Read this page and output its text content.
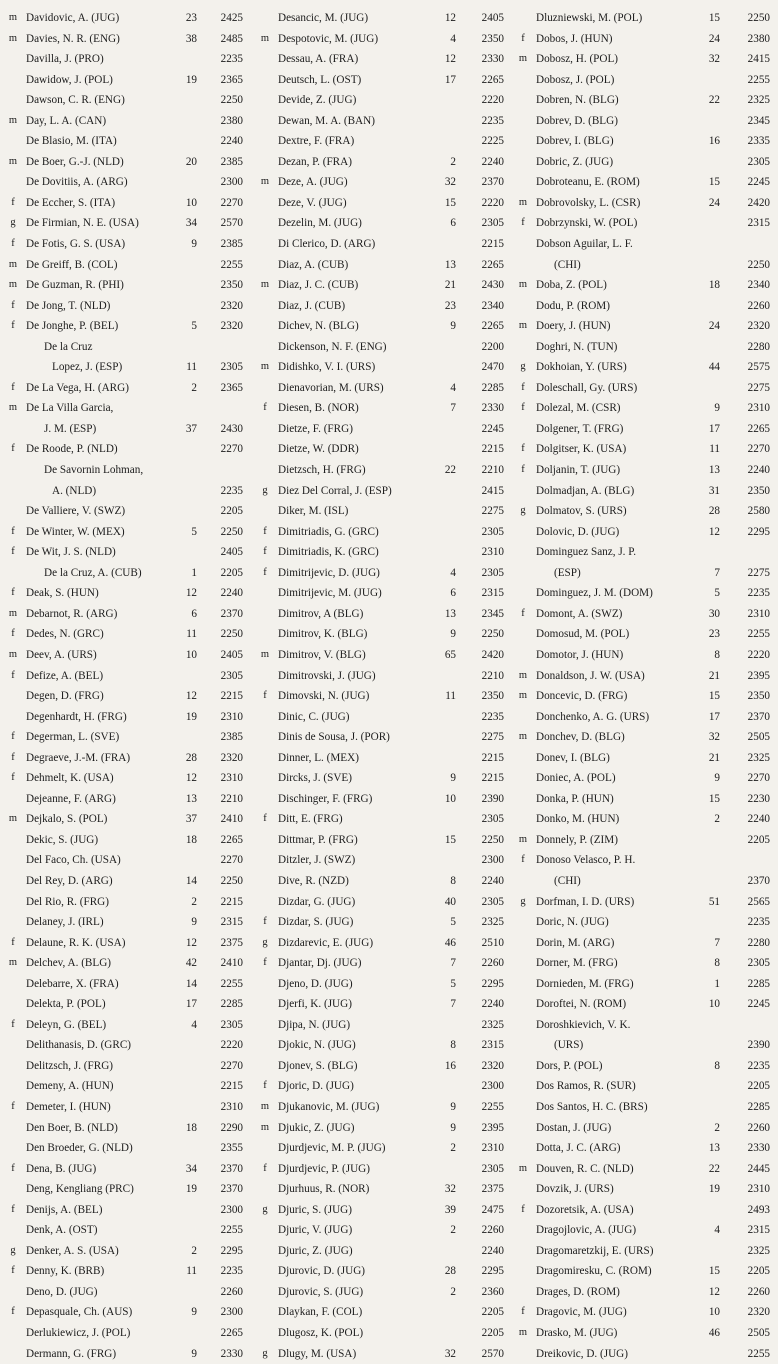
m Davidovic, A. (JUG)	23	2425
m Davies, N. R. (ENG)	38	2485
Davilla, J. (PRO)	2235
Dawidow, J. (POL)	19	2365
Dawson, C. R. (ENG)	2250
m Day, L. A. (CAN)	2380
De Blasio, M. (ITA)	2240
m De Boer, G.-J. (NLD)	20	2385
De Dovitiis, A. (ARG)	2300
f	De Eccher, S. (ITA)	10	2270
g De Firmian, N. E. (USA)	34	2570
f	De Fotis, G. S. (USA)	9	2385
m De Greiff, B. (COL)	2255
m De Guzman, R. (PHI)	2350
f	De Jong, T. (NLD)	2320
f	De Jonghe, P. (BEL)	5	2320
De la Cruz
Lopez, J. (ESP)	11	2305
f	De La Vega, H. (ARG)	2	2365
m De La Villa Garcia,
J. M. (ESP)	37	2430
f	De Roode, P. (NLD)	2270
De Savornin Lohman,
A. (NLD)	2235
De Valliere, V. (SWZ)	2205
f	De Winter, W. (MEX)	5	2250
f	De Wit, J. S. (NLD)	2405
De la Cruz, A. (CUB)	1	2205
f	Deak, S. (HUN)	12	2240
m Debarnot, R. (ARG)	6	2370
f	Dedes, N. (GRC)	11	2250
m Deev, A. (URS)	10	2405
f	Defize, A. (BEL)	2305
Degen, D. (FRG)	12	2215
Degenhardt, H. (FRG)	19	2310
f	Degerman, L. (SVE)	2385
f	Degraeve, J.-M. (FRA)	28	2320
f	Dehmelt, K. (USA)	12	2310
Dejeanne, F. (ARG)	13	2210
m Dejkalo, S. (POL)	37	2410
Dekic, S. (JUG)	18	2265
Del Faco, Ch. (USA)	2270
Del Rey, D. (ARG)	14	2250
Del Rio, R. (FRG)	2	2215
Delaney, J. (IRL)	9	2315
f	Delaune, R. K. (USA)	12	2375
m Delchev, A. (BLG)	42	2410
Delebarre, X. (FRA)	14	2255
Delekta, P. (POL)	17	2285
f	Deleyn, G. (BEL)	4	2305
Delithanasis, D. (GRC)	2220
Delitzsch, J. (FRG)	2270
Demeny, A. (HUN)	2215
f	Demeter, I. (HUN)	2310
Den Boer, B. (NLD)	18	2290
Den Broeder, G. (NLD)	2355
f	Dena, B. (JUG)	34	2370
Deng, Kengliang (PRC)	19	2370
f	Denijs, A. (BEL)	2300
Denk, A. (OST)	2255
g Denker, A. S. (USA)	2	2295
f	Denny, K. (BRB)	11	2235
Deno, D. (JUG)	2260
f	Depasquale, Ch. (AUS)	9	2300
Derlukiewicz, J. (POL)	2265
Dermann, G. (FRG)	9	2330
Desancic, M. (JUG)	12	2405
m Despotovic, M. (JUG)	4	2350
Dessau, A. (FRA)	12	2330
Deutsch, L. (OST)	17	2265
Devide, Z. (JUG)	2220
Dewan, M. A. (BAN)	2235
Dextre, F. (FRA)	2225
Dezan, P. (FRA)	2	2240
m Deze, A. (JUG)	32	2370
Deze, V. (JUG)	15	2220
Dezelin, M. (JUG)	6	2305
Di Clerico, D. (ARG)	2215
Diaz, A. (CUB)	13	2265
m Diaz, J. C. (CUB)	21	2430
Diaz, J. (CUB)	23	2340
Dichev, N. (BLG)	9	2265
Dickenson, N. F. (ENG)	2200
m Didishko, V. I. (URS)	2470
Dienavorian, M. (URS)	4	2285
f	Diesen, B. (NOR)	7	2330
Dietze, F. (FRG)	2245
Dietze, W. (DDR)	2215
Dietzsch, H. (FRG)	22	2210
g Diez Del Corral, J. (ESP)	2415
Diker, M. (ISL)	2275
f	Dimitriadis, G. (GRC)	2305
f	Dimitriadis, K. (GRC)	2310
f	Dimitrijevic, D. (JUG)	4	2305
Dimitrijevic, M. (JUG)	6	2315
Dimitrov, A (BLG)	13	2345
Dimitrov, K. (BLG)	9	2250
m Dimitrov, V. (BLG)	65	2420
Dimitrovski, J. (JUG)	2210
f	Dimovski, N. (JUG)	11	2350
Dinic, C. (JUG)	2235
Dinis de Sousa, J. (POR)	2275
Dinner, L. (MEX)	2215
Dircks, J. (SVE)	9	2215
Dischinger, F. (FRG)	10	2390
f	Ditt, E. (FRG)	2305
Dittmar, P. (FRG)	15	2250
Ditzler, J. (SWZ)	2300
Dive, R. (NZD)	8	2240
Dizdar, G. (JUG)	40	2305
f	Dizdar, S. (JUG)	5	2325
g Dizdarevic, E. (JUG)	46	2510
f	Djantar, Dj. (JUG)	7	2260
Djeno, D. (JUG)	5	2295
Djerfi, K. (JUG)	7	2240
Djipa, N. (JUG)	2325
Djokic, N. (JUG)	8	2315
Djonev, S. (BLG)	16	2320
f	Djoric, D. (JUG)	2300
m Djukanovic, M. (JUG)	9	2255
m Djukic, Z. (JUG)	9	2395
Djurdjevic, M. P. (JUG)	2	2310
f	Djurdjevic, P. (JUG)	2305
Djurhuus, R. (NOR)	32	2375
g Djuric, S. (JUG)	39	2475
Djuric, V. (JUG)	2	2260
Djuric, Z. (JUG)	2240
Djurovic, D. (JUG)	28	2295
Djurovic, S. (JUG)	2	2360
Dlaykan, F. (COL)	2205
Dlugosz, K. (POL)	2205
g Dlugy, M. (USA)	32	2570
Dluzniewski, M. (POL)	15	2250
f	Dobos, J. (HUN)	24	2380
m Dobosz, H. (POL)	32	2415
Dobosz, J. (POL)	2255
Dobren, N. (BLG)	22	2325
Dobrev, D. (BLG)	2345
Dobrev, I. (BLG)	16	2335
Dobric, Z. (JUG)	2305
Dobroteanu, E. (ROM)	15	2245
m Dobrovolsky, L. (CSR)	24	2420
f	Dobrzynski, W. (POL)	2315
Dobson Aguilar, L. F.
(CHI)	2250
m Doba, Z. (POL)	18	2340
Dodu, P. (ROM)	2260
m Doery, J. (HUN)	24	2320
Doghri, N. (TUN)	2280
g Dokhoian, Y. (URS)	44	2575
f	Doleschall, Gy. (URS)	2275
f	Dolezal, M. (CSR)	9	2310
Dolgener, T. (FRG)	17	2265
f	Dolgitser, K. (USA)	11	2270
f	Doljanin, T. (JUG)	13	2240
Dolmadjan, A. (BLG)	31	2350
g Dolmatov, S. (URS)	28	2580
Dolovic, D. (JUG)	12	2295
Dominguez Sanz, J. P.
(ESP)	7	2275
Dominguez, J. M. (DOM)	5	2235
f	Domont, A. (SWZ)	30	2310
Domosud, M. (POL)	23	2255
Domotor, J. (HUN)	8	2220
m Donaldson, J. W. (USA)	21	2395
m Doncevic, D. (FRG)	15	2350
Donchenko, A. G. (URS)	17	2370
m Donchev, D. (BLG)	32	2505
Donev, I. (BLG)	21	2325
Doniec, A. (POL)	9	2270
Donka, P. (HUN)	15	2230
Donko, M. (HUN)	2	2240
m Donnely, P. (ZIM)	2205
f	Donoso Velasco, P. H.
(CHI)	2370
g Dorfman, I. D. (URS)	51	2565
Doric, N. (JUG)	2235
Dorin, M. (ARG)	7	2280
Dorner, M. (FRG)	8	2305
Dornieden, M. (FRG)	1	2285
Doroftei, N. (ROM)	10	2245
Doroshkievich, V. K.
(URS)	2390
Dors, P. (POL)	8	2235
Dos Ramos, R. (SUR)	2205
Dos Santos, H. C. (BRS)	2285
Dostan, J. (JUG)	2	2260
Dotta, J. C. (ARG)	13	2330
m Douven, R. C. (NLD)	22	2445
Dovzik, J. (URS)	19	2310
f	Dozoretsik, A. (USA)	2493
Dragojlovic, A. (JUG)	4	2315
Dragomaretzkij, E. (URS)	2325
Dragomiresku, C. (ROM)	15	2205
Drages, D. (ROM)	12	2260
f	Dragovic, M. (JUG)	10	2320
m Drasko, M. (JUG)	46	2505
Dreikovic, D. (JUG)	2255
